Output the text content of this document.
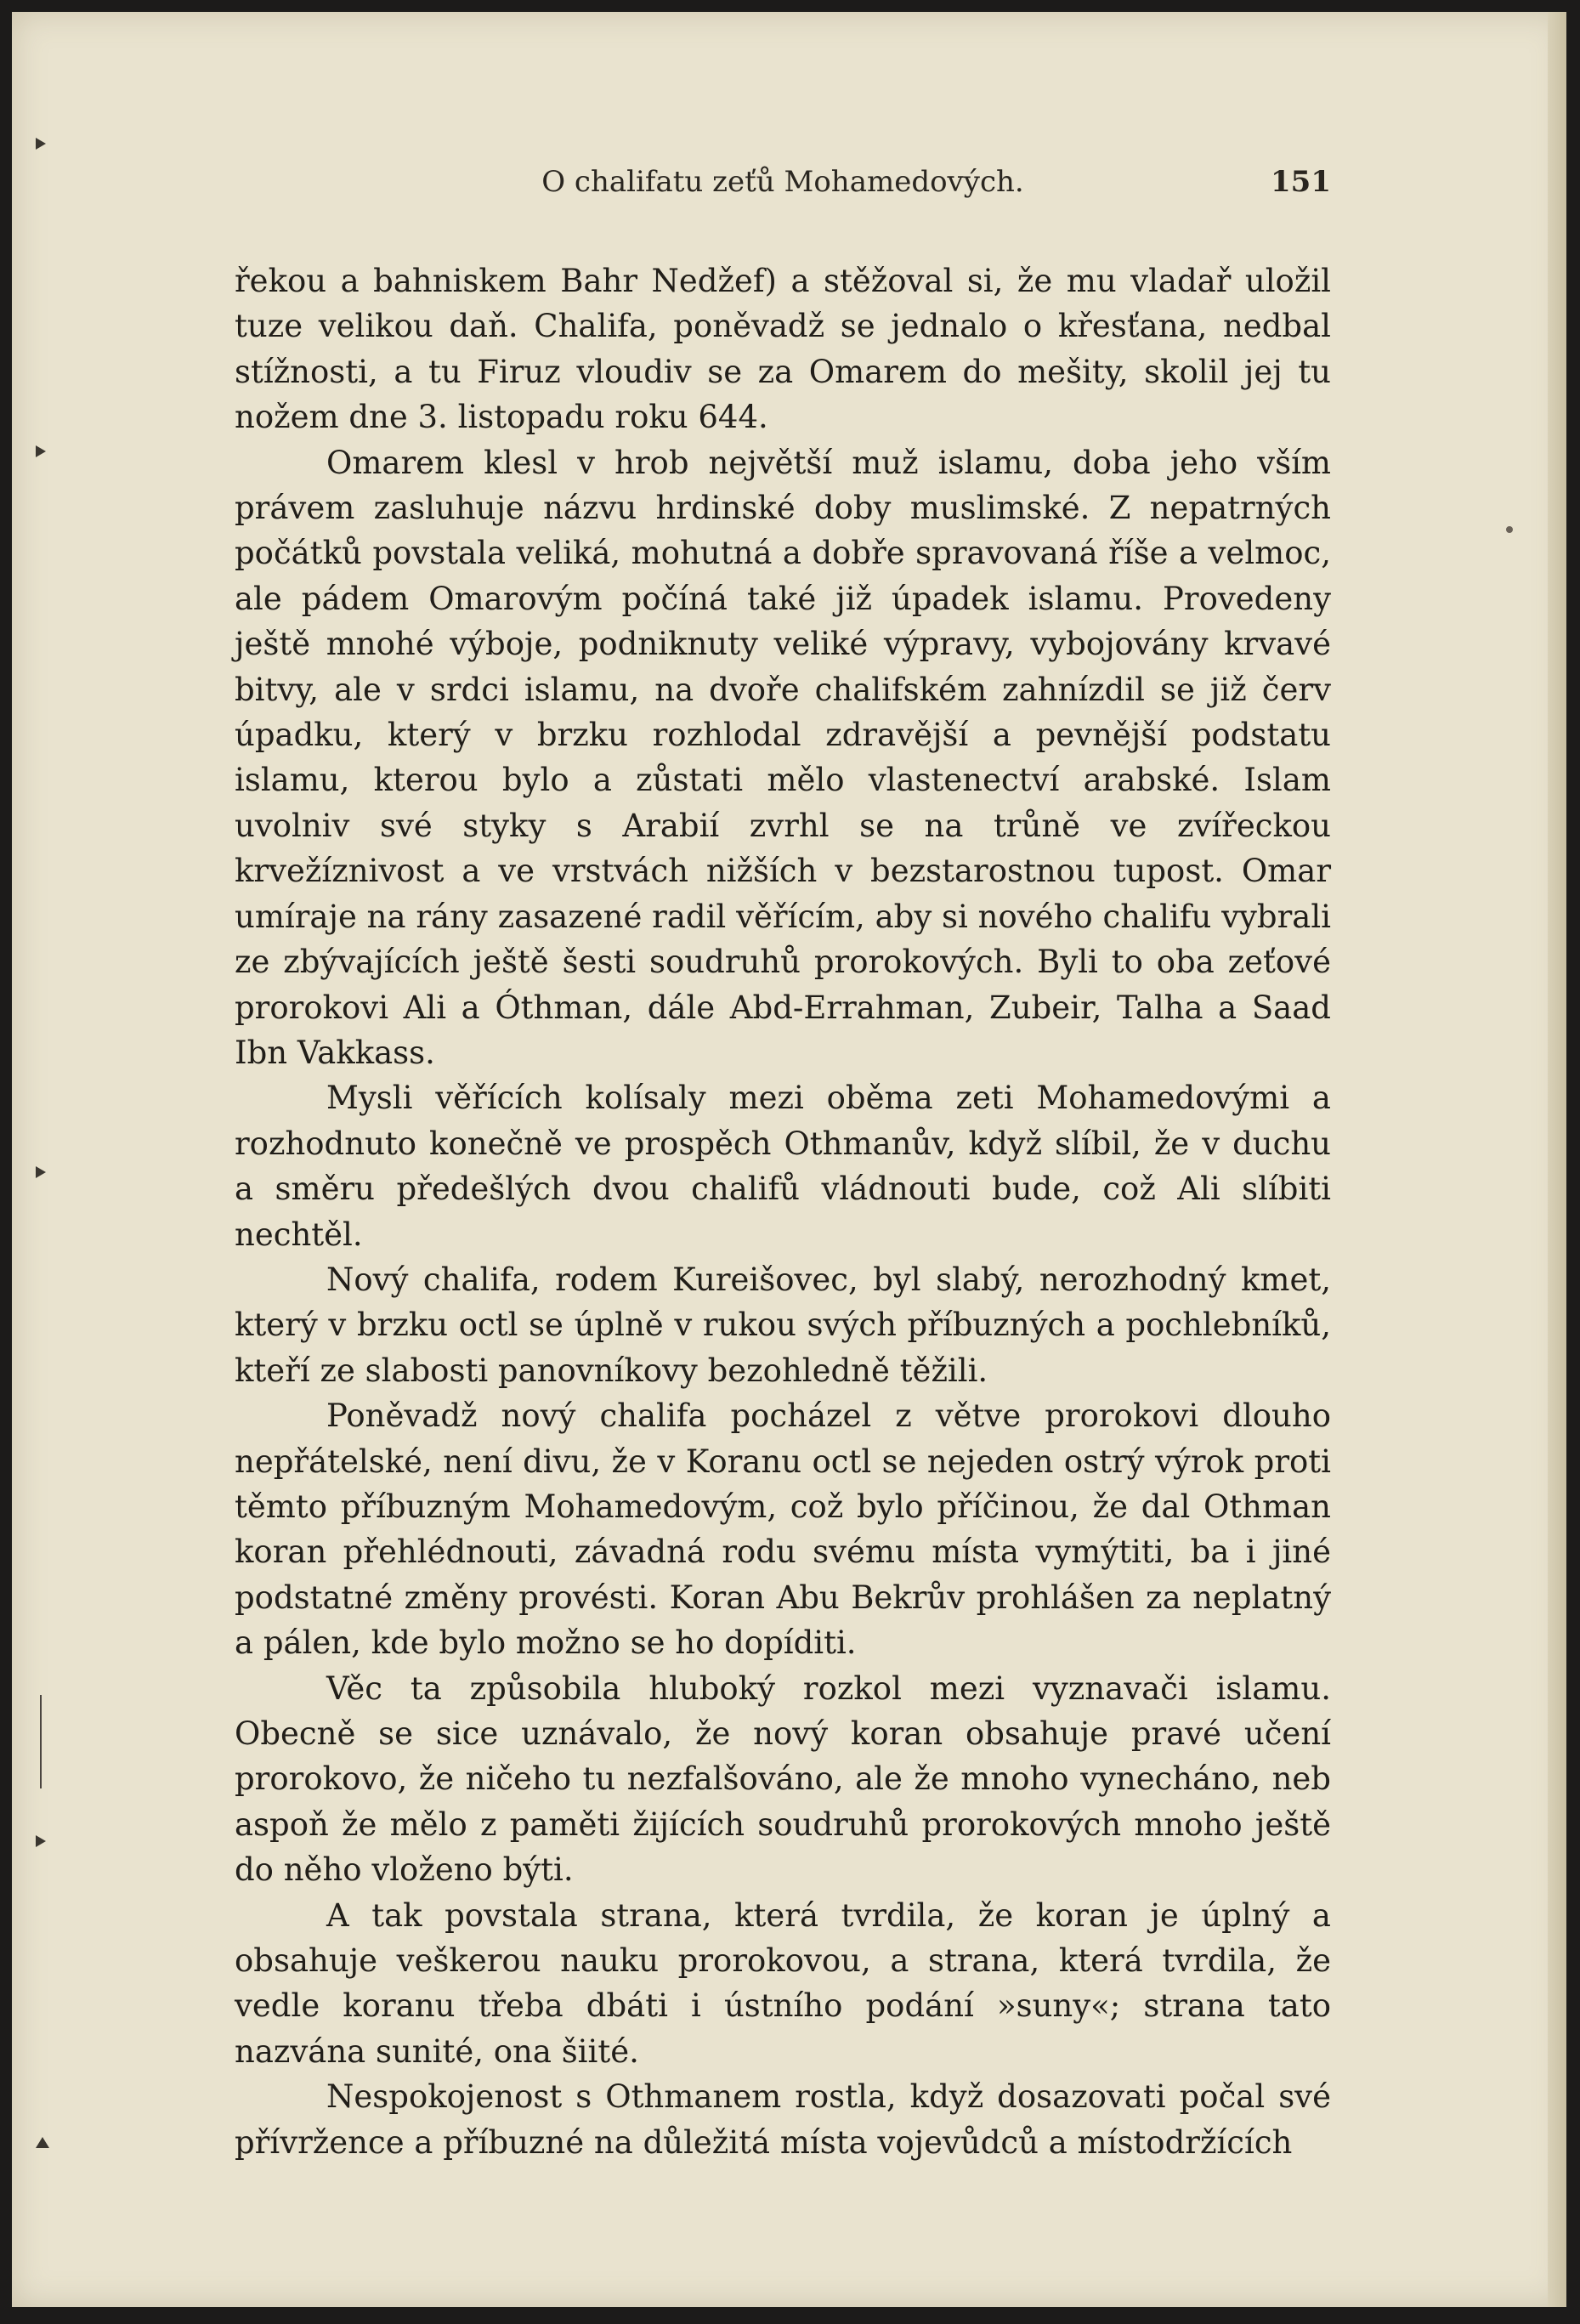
O chalifatu zeťů Mohamedových.	151

řekou a bahniskem Bahr Nedžef) a stěžoval si, že mu vladař uložil tuze velikou daň. Chalifa, poněvadž se jednalo o křesťana, nedbal stížnosti, a tu Firuz vloudiv se za Omarem do mešity, skolil jej tu nožem dne 3. listopadu roku 644.

Omarem klesl v hrob největší muž islamu, doba jeho vším právem zasluhuje názvu hrdinské doby muslimské. Z nepatrných počátků povstala veliká, mohutná a dobře spravovaná říše a velmoc, ale pádem Omarovým počíná také již úpadek islamu. Provedeny ještě mnohé výboje, podniknuty veliké výpravy, vybojovány krvavé bitvy, ale v srdci islamu, na dvoře chalifském zahnízdil se již červ úpadku, který v brzku rozhlodal zdravější a pevnější podstatu islamu, kterou bylo a zůstati mělo vlastenectví arabské. Islam uvolniv své styky s Arabií zvrhl se na trůně ve zvířeckou krvežíznivost a ve vrstvách nižších v bezstarostnou tupost. Omar umíraje na rány zasazené radil věřícím, aby si nového chalifu vybrali ze zbývajících ještě šesti soudruhů prorokových. Byli to oba zeťové prorokovi Ali a Óthman, dále Abd-Errahman, Zubeir, Talha a Saad Ibn Vakkass.

Mysli věřících kolísaly mezi oběma zeti Mohamedovými a rozhodnuto konečně ve prospěch Othmanův, když slíbil, že v duchu a směru předešlých dvou chalifů vládnouti bude, což Ali slíbiti nechtěl.

Nový chalifa, rodem Kureišovec, byl slabý, nerozhodný kmet, který v brzku octl se úplně v rukou svých příbuzných a pochlebníků, kteří ze slabosti panovníkovy bezohledně těžili.

Poněvadž nový chalifa pocházel z větve prorokovi dlouho nepřátelské, není divu, že v Koranu octl se nejeden ostrý výrok proti těmto příbuzným Mohamedovým, což bylo příčinou, že dal Othman koran přehlédnouti, závadná rodu svému místa vymýtiti, ba i jiné podstatné změny provésti. Koran Abu Bekrův prohlášen za neplatný a pálen, kde bylo možno se ho dopíditi.

Věc ta způsobila hluboký rozkol mezi vyznavači islamu. Obecně se sice uznávalo, že nový koran obsahuje pravé učení prorokovo, že ničeho tu nezfalšováno, ale že mnoho vynecháno, neb aspoň že mělo z paměti žijících soudruhů prorokových mnoho ještě do něho vloženo býti.

A tak povstala strana, která tvrdila, že koran je úplný a obsahuje veškerou nauku prorokovou, a strana, která tvrdila, že vedle koranu třeba dbáti i ústního podání »suny«; strana tato nazvána sunité, ona šiité.

Nespokojenost s Othmanem rostla, když dosazovati počal své přívržence a příbuzné na důležitá místa vojevůdců a místodržících
